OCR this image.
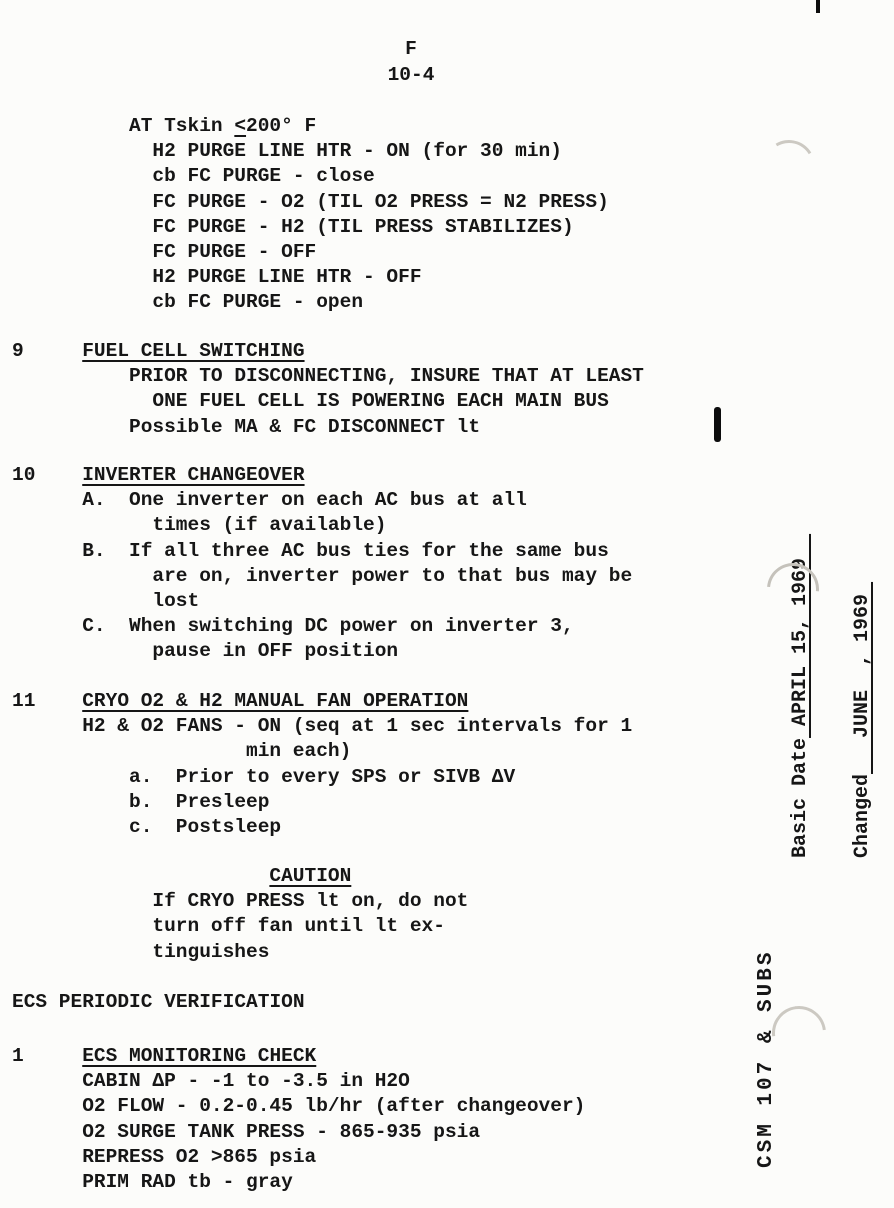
F
10-4
AT Tskin <200° F
H2 PURGE LINE HTR - ON (for 30 min)
cb FC PURGE - close
FC PURGE - O2 (TIL O2 PRESS = N2 PRESS)
FC PURGE - H2 (TIL PRESS STABILIZES)
FC PURGE - OFF
H2 PURGE LINE HTR - OFF
cb FC PURGE - open
9     FUEL CELL SWITCHING
PRIOR TO DISCONNECTING, INSURE THAT AT LEAST
ONE FUEL CELL IS POWERING EACH MAIN BUS
Possible MA & FC DISCONNECT lt
10    INVERTER CHANGEOVER
A.  One inverter on each AC bus at all
times (if available)
B.  If all three AC bus ties for the same bus
are on, inverter power to that bus may be
lost
C.  When switching DC power on inverter 3,
pause in OFF position
11    CRYO O2 & H2 MANUAL FAN OPERATION
H2 & O2 FANS - ON (seq at 1 sec intervals for 1
min each)
a.  Prior to every SPS or SIVB ΔV
b.  Presleep
c.  Postsleep
CAUTION
If CRYO PRESS lt on, do not
turn off fan until lt ex-
tinguishes
ECS PERIODIC VERIFICATION
1     ECS MONITORING CHECK
CABIN ΔP - -1 to -3.5 in H2O
O2 FLOW - 0.2-0.45 lb/hr (after changeover)
O2 SURGE TANK PRESS - 865-935 psia
REPRESS O2 >865 psia
PRIM RAD tb - gray

Basic Date APRIL 15, 1969

Changed   JUNE  , 1969

CSM 107 & SUBS
